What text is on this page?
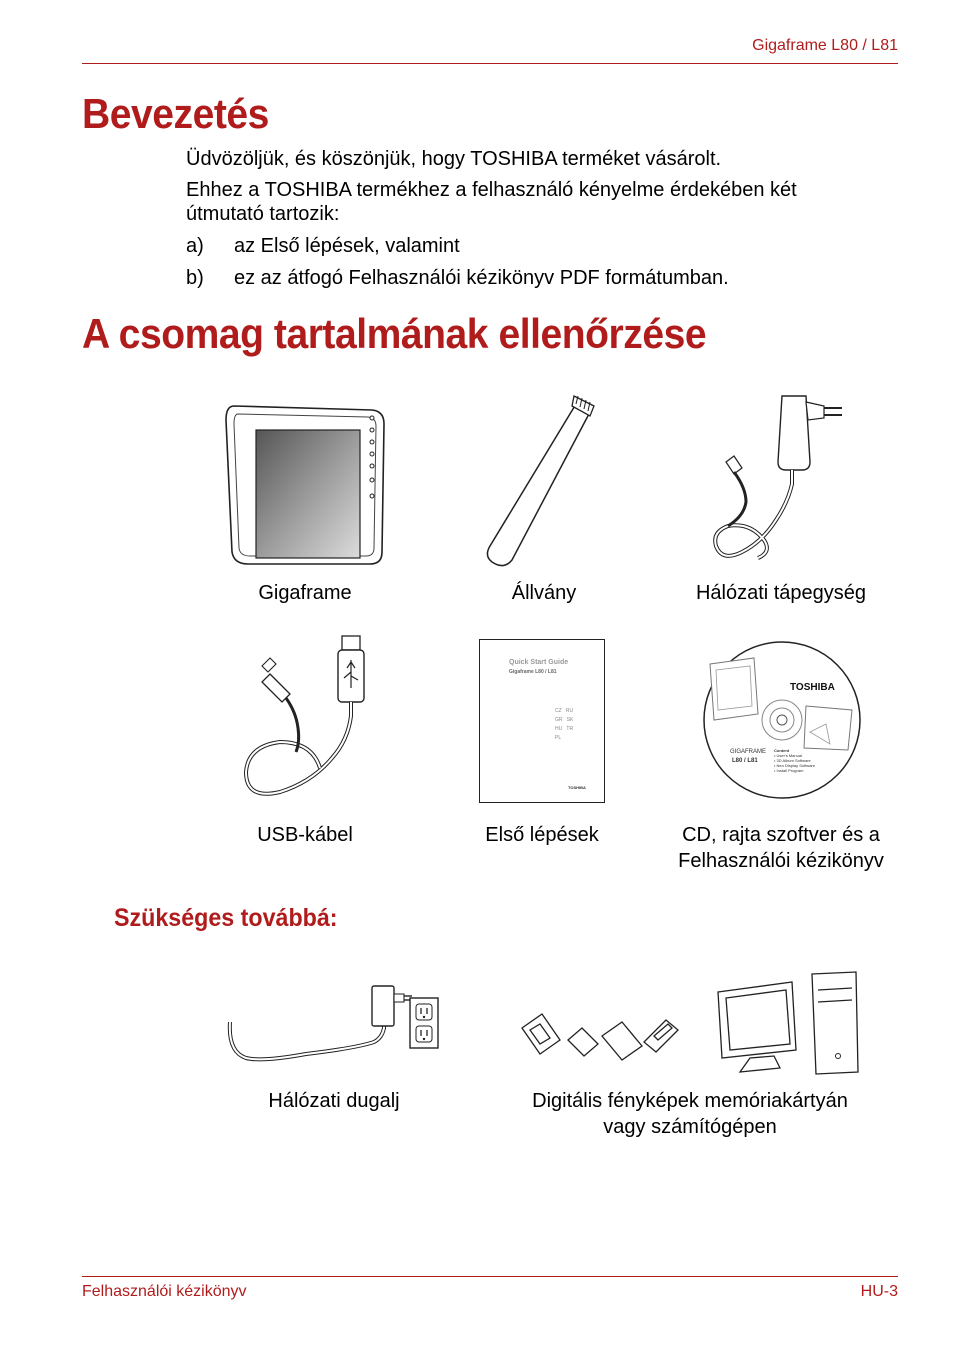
Gigaframe L80 / L81
Bevezetés
Üdvözöljük, és köszönjük, hogy TOSHIBA terméket vásárolt.
Ehhez a TOSHIBA termékhez a felhasználó kényelme érdekében két útmutató tartozik:
a) az Első lépések, valamint
b) ez az átfogó Felhasználói kézikönyv PDF formátumban.
A csomag tartalmának ellenőrzése
Gigaframe	Állvány	Hálózati tápegység
USB-kábel
Quick Start Guide
Gigaframe L80 / L81
CZ RU
GR SK
HU TR
PL
TOSHIBA
Első lépések
TOSHIBA
GIGAFRAME
L80 / L81
Content
• User's Manual
• 3D Album Software
• Neo Display Software
• Install Program
CD, rajta szoftver és a
Felhasználói kézikönyv
Szükséges továbbá:
Hálózati dugalj	Digitális fényképek memóriakártyán
vagy számítógépen
Felhasználói kézikönyv	HU-3
